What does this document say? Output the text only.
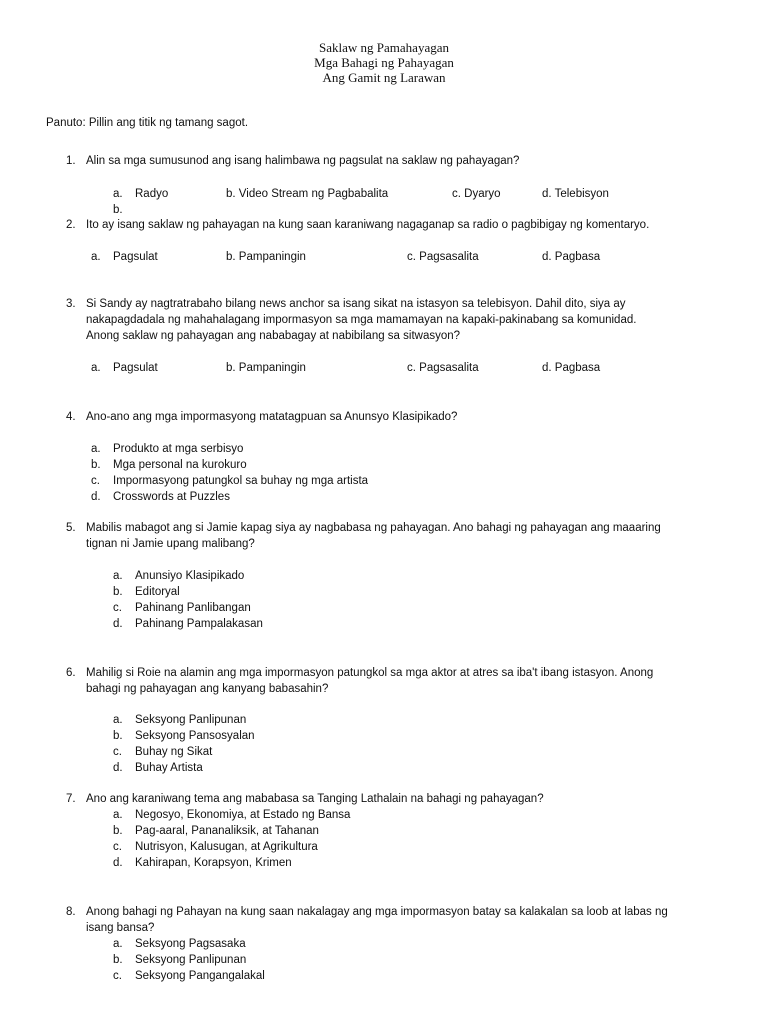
Saklaw ng Pamahayagan
Mga Bahagi ng Pahayagan
Ang Gamit ng Larawan
Panuto: Pillin ang titik ng tamang sagot.
1. Alin sa mga sumusunod ang isang halimbawa ng pagsulat na saklaw ng pahayagan?
a. Radyo	b. Video Stream ng Pagbabalita	c. Dyaryo	d. Telebisyon
b.
2. Ito ay isang saklaw ng pahayagan na kung saan karaniwang nagaganap sa radio o pagbibigay ng komentaryo.
a. Pagsulat	b. Pampaningin	c. Pagsasalita	d. Pagbasa
3. Si Sandy ay nagtratrabaho bilang news anchor sa isang sikat na istasyon sa telebisyon. Dahil dito, siya ay
nakapagdadala ng mahahalagang impormasyon sa mga mamamayan na kapaki-pakinabang sa komunidad.
Anong saklaw ng pahayagan ang nababagay at nabibilang sa sitwasyon?
a. Pagsulat	b. Pampaningin	c. Pagsasalita	d. Pagbasa
4. Ano-ano ang mga impormasyong matatagpuan sa Anunsyo Klasipikado?
a. Produkto at mga serbisyo
b. Mga personal na kurokuro
c. Impormasyong patungkol sa buhay ng mga artista
d. Crosswords at Puzzles
5. Mabilis mabagot ang si Jamie kapag siya ay nagbabasa ng pahayagan. Ano bahagi ng pahayagan ang maaaring
tignan ni Jamie upang malibang?
a. Anunsiyo Klasipikado
b. Editoryal
c. Pahinang Panlibangan
d. Pahinang Pampalakasan
6. Mahilig si Roie na alamin ang mga impormasyon patungkol sa mga aktor at atres sa iba't ibang istasyon. Anong
bahagi ng pahayagan ang kanyang babasahin?
a. Seksyong Panlipunan
b. Seksyong Pansosyalan
c. Buhay ng Sikat
d. Buhay Artista
7. Ano ang karaniwang tema ang mababasa sa Tanging Lathalain na bahagi ng pahayagan?
a. Negosyo, Ekonomiya, at Estado ng Bansa
b. Pag-aaral, Pananaliksik, at Tahanan
c. Nutrisyon, Kalusugan, at Agrikultura
d. Kahirapan, Korapsyon, Krimen
8. Anong bahagi ng Pahayan na kung saan nakalagay ang mga impormasyon batay sa kalakalan sa loob at labas ng
isang bansa?
a. Seksyong Pagsasaka
b. Seksyong Panlipunan
c. Seksyong Pangangalakal
